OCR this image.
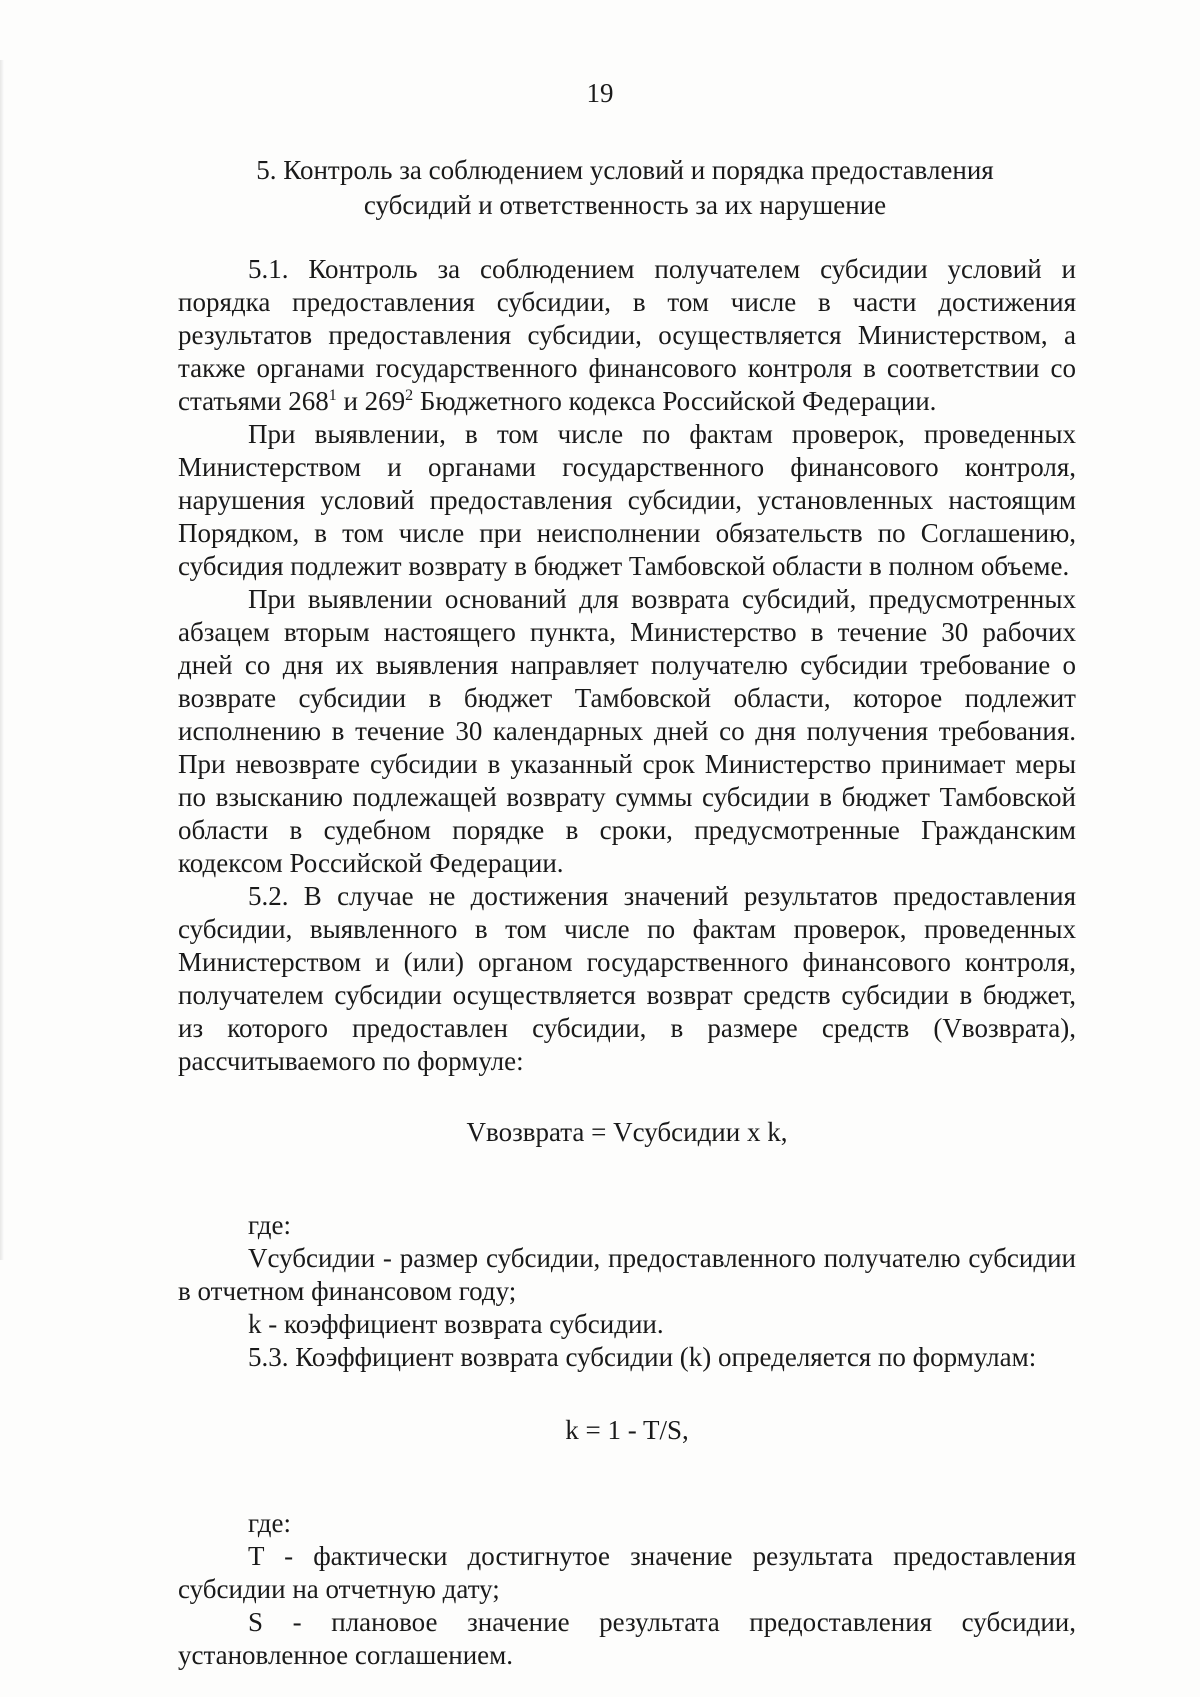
19
5. Контроль за соблюдением условий и порядка предоставления
субсидий и ответственность за их нарушение

5.1. Контроль за соблюдением получателем субсидии условий и порядка предоставления субсидии, в том числе в части достижения результатов предоставления субсидии, осуществляется Министерством, а также органами государственного финансового контроля в соответствии со статьями $268^1$ и $269^2$ Бюджетного кодекса Российской Федерации.

При выявлении, в том числе по фактам проверок, проведенных Министерством и органами государственного финансового контроля, нарушения условий предоставления субсидии, установленных настоящим Порядком, в том числе при неисполнении обязательств по Соглашению, субсидия подлежит возврату в бюджет Тамбовской области в полном объеме.

При выявлении оснований для возврата субсидий, предусмотренных абзацем вторым настоящего пункта, Министерство в течение 30 рабочих дней со дня их выявления направляет получателю субсидии требование о возврате субсидии в бюджет Тамбовской области, которое подлежит исполнению в течение 30 календарных дней со дня получения требования. При невозврате субсидии в указанный срок Министерство принимает меры по взысканию подлежащей возврату суммы субсидии в бюджет Тамбовской области в судебном порядке в сроки, предусмотренные Гражданским кодексом Российской Федерации.

5.2. В случае не достижения значений результатов предоставления субсидии, выявленного в том числе по фактам проверок, проведенных Министерством и (или) органом государственного финансового контроля, получателем субсидии осуществляется возврат средств субсидии в бюджет, из которого предоставлен субсидии, в размере средств (Vвозврата), рассчитываемого по формуле:

Vвозврата = Vсубсидии x k,

где:

Vсубсидии - размер субсидии, предоставленного получателю субсидии в отчетном финансовом году;

k - коэффициент возврата субсидии.

5.3. Коэффициент возврата субсидии (k) определяется по формулам:

k = 1 - T/S,

где:

T - фактически достигнутое значение результата предоставления субсидии на отчетную дату;

S - плановое значение результата предоставления субсидии, установленное соглашением.
